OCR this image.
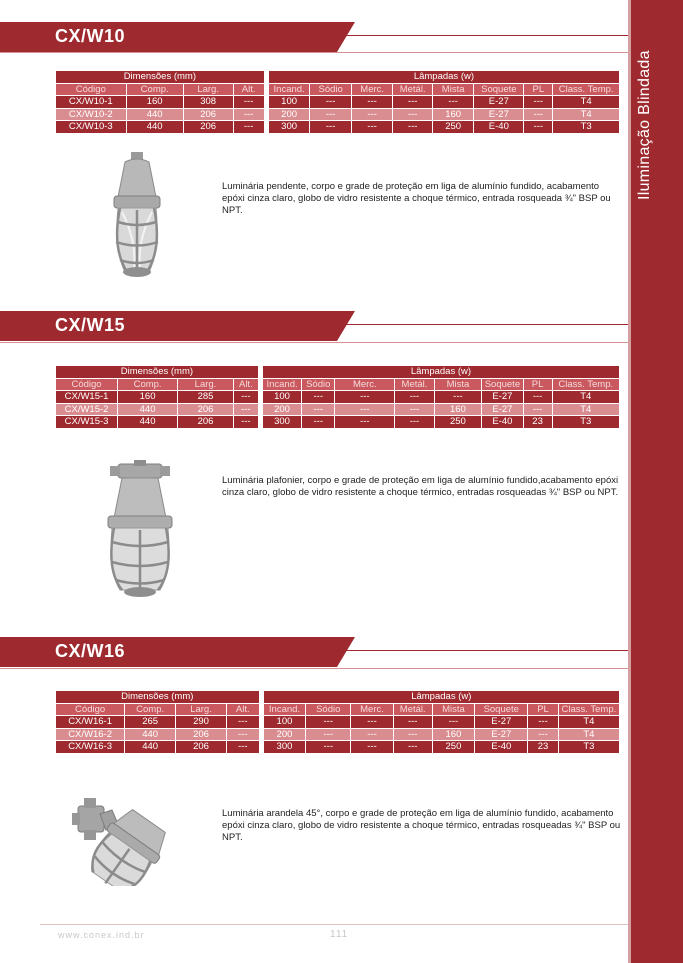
Iluminação Blindada
CX/W10
Dimensões (mm)					Lâmpadas (w)							
Código	Comp.	Larg.	Alt.		Incand.	Sódio	Merc.	Metál.	Mista	Soquete	PL	Class. Temp.
CX/W10-1	160	308	---		100	---	---	---	---	E-27	---	T4
CX/W10-2	440	206	---		200	---	---	---	160	E-27	---	T4
CX/W10-3	440	206	---		300	---	---	---	250	E-40	---	T3
Luminária pendente, corpo e grade de proteção em liga de alumínio fundido, acabamento epóxi cinza claro, globo de vidro resistente a choque térmico, entrada rosqueada ¾" BSP ou NPT.
CX/W15
Dimensões (mm)					Lâmpadas (w)							
Código	Comp.	Larg.	Alt.		Incand.	Sódio	Merc.	Metál.	Mista	Soquete	PL	Class. Temp.
CX/W15-1	160	285	---		100	---	---	---	---	E-27	---	T4
CX/W15-2	440	206	---		200	---	---	---	160	E-27	---	T4
CX/W15-3	440	206	---		300	---	---	---	250	E-40	23	T3
Luminária plafonier, corpo e grade de proteção em liga de alumínio fundido,acabamento epóxi cinza claro, globo de vidro resistente a choque térmico, entradas rosqueadas ¾" BSP ou NPT.
CX/W16
Dimensões (mm)					Lâmpadas (w)							
Código	Comp.	Larg.	Alt.		Incand.	Sódio	Merc.	Metál.	Mista	Soquete	PL	Class. Temp.
CX/W16-1	265	290	---		100	---	---	---	---	E-27	---	T4
CX/W16-2	440	206	---		200	---	---	---	160	E-27	---	T4
CX/W16-3	440	206	---		300	---	---	---	250	E-40	23	T3
Luminária arandela 45°, corpo e grade de proteção em liga de alumínio fundido, acabamento epóxi cinza claro, globo de vidro resistente a choque térmico, entradas rosqueadas ¾" BSP ou NPT.
www.conex.ind.br	111
